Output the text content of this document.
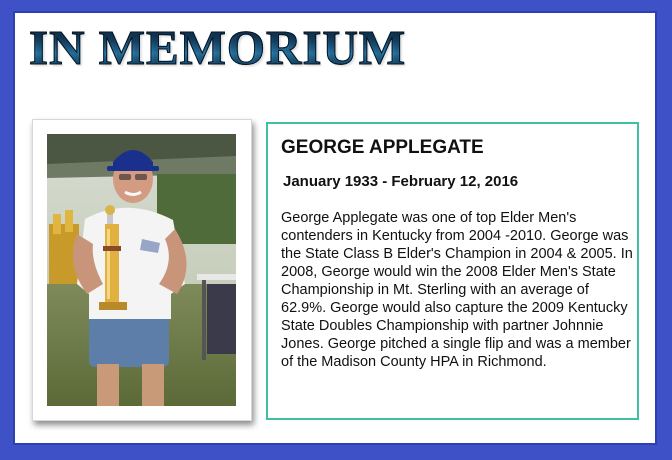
IN MEMORIUM
GEORGE APPLEGATE
January 1933 - February 12, 2016

George Applegate was one of top Elder Men's contenders in Kentucky from 2004 -2010. George was the State Class B Elder's Champion in 2004 & 2005. In 2008, George would win the 2008 Elder Men's State Championship in Mt. Sterling with an average of 62.9%. George would also capture the 2009 Kentucky State Doubles Championship with partner Johnnie Jones. George pitched a single flip and was a member of the Madison County HPA in Richmond.
